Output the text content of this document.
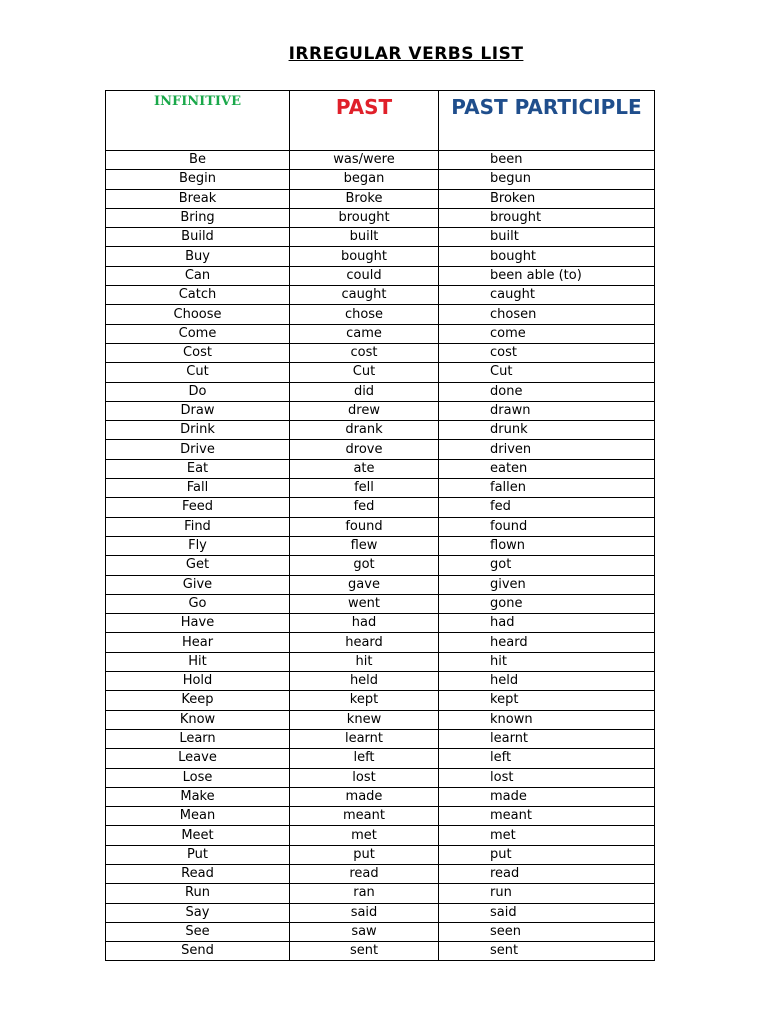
IRREGULAR VERBS LIST
INFINITIVE	PAST	PAST PARTICIPLE
Be	was/were	been
Begin	began	begun
Break	Broke	Broken
Bring	brought	brought
Build	built	built
Buy	bought	bought
Can	could	been able (to)
Catch	caught	caught
Choose	chose	chosen
Come	came	come
Cost	cost	cost
Cut	Cut	Cut
Do	did	done
Draw	drew	drawn
Drink	drank	drunk
Drive	drove	driven
Eat	ate	eaten
Fall	fell	fallen
Feed	fed	fed
Find	found	found
Fly	flew	flown
Get	got	got
Give	gave	given
Go	went	gone
Have	had	had
Hear	heard	heard
Hit	hit	hit
Hold	held	held
Keep	kept	kept
Know	knew	known
Learn	learnt	learnt
Leave	left	left
Lose	lost	lost
Make	made	made
Mean	meant	meant
Meet	met	met
Put	put	put
Read	read	read
Run	ran	run
Say	said	said
See	saw	seen
Send	sent	sent
